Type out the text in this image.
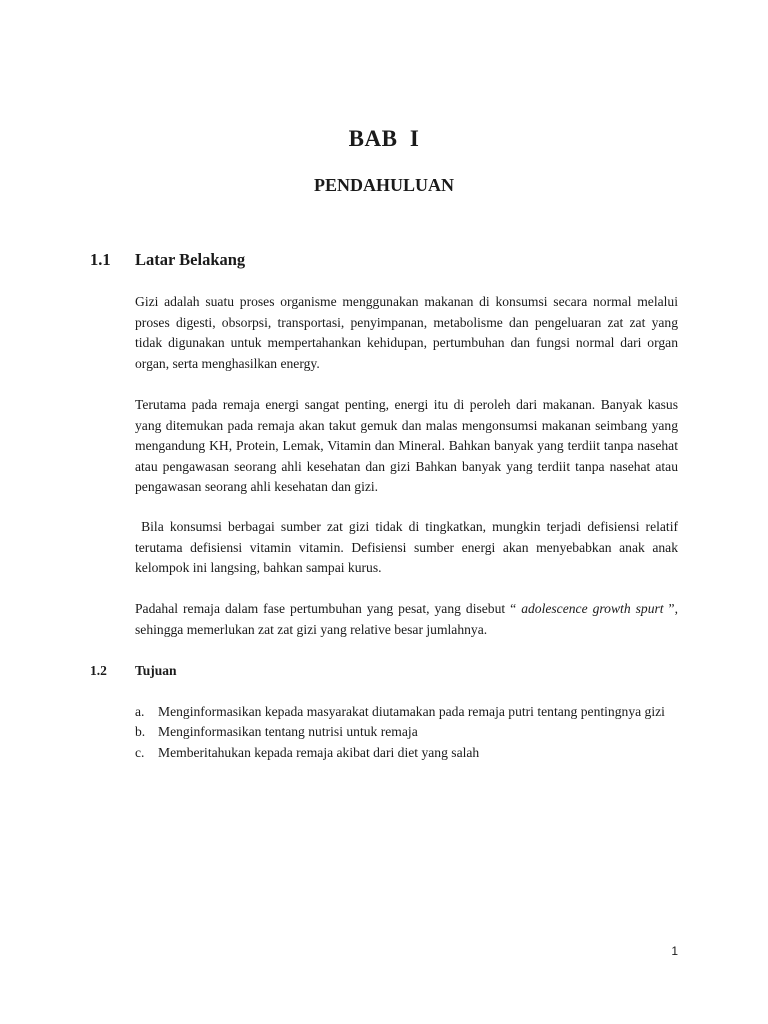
BAB  I
PENDAHULUAN
1.1 Latar Belakang

Gizi adalah suatu proses organisme menggunakan makanan di konsumsi secara normal melalui proses digesti, obsorpsi, transportasi, penyimpanan, metabolisme dan pengeluaran zat zat yang tidak digunakan untuk mempertahankan kehidupan, pertumbuhan dan fungsi normal dari organ organ, serta menghasilkan energy.

Terutama pada remaja energi sangat penting, energi itu di peroleh dari makanan. Banyak kasus yang ditemukan pada remaja akan takut gemuk dan malas mengonsumsi makanan seimbang yang mengandung KH, Protein, Lemak, Vitamin dan Mineral. Bahkan banyak yang terdiit tanpa nasehat atau pengawasan seorang ahli kesehatan dan gizi Bahkan banyak yang terdiit tanpa nasehat atau pengawasan seorang ahli kesehatan dan gizi.

Bila konsumsi berbagai sumber zat gizi tidak di tingkatkan, mungkin terjadi defisiensi relatif terutama defisiensi vitamin vitamin. Defisiensi sumber energi akan menyebabkan anak anak kelompok ini langsing, bahkan sampai kurus.

Padahal remaja dalam fase pertumbuhan yang pesat, yang disebut “ adolescence growth spurt ”, sehingga memerlukan zat zat gizi yang relative besar jumlahnya.

1.2 Tujuan
a. Menginformasikan kepada masyarakat diutamakan pada remaja putri tentang pentingnya gizi
b. Menginformasikan tentang nutrisi untuk remaja
c. Memberitahukan kepada remaja akibat dari diet yang salah
1
